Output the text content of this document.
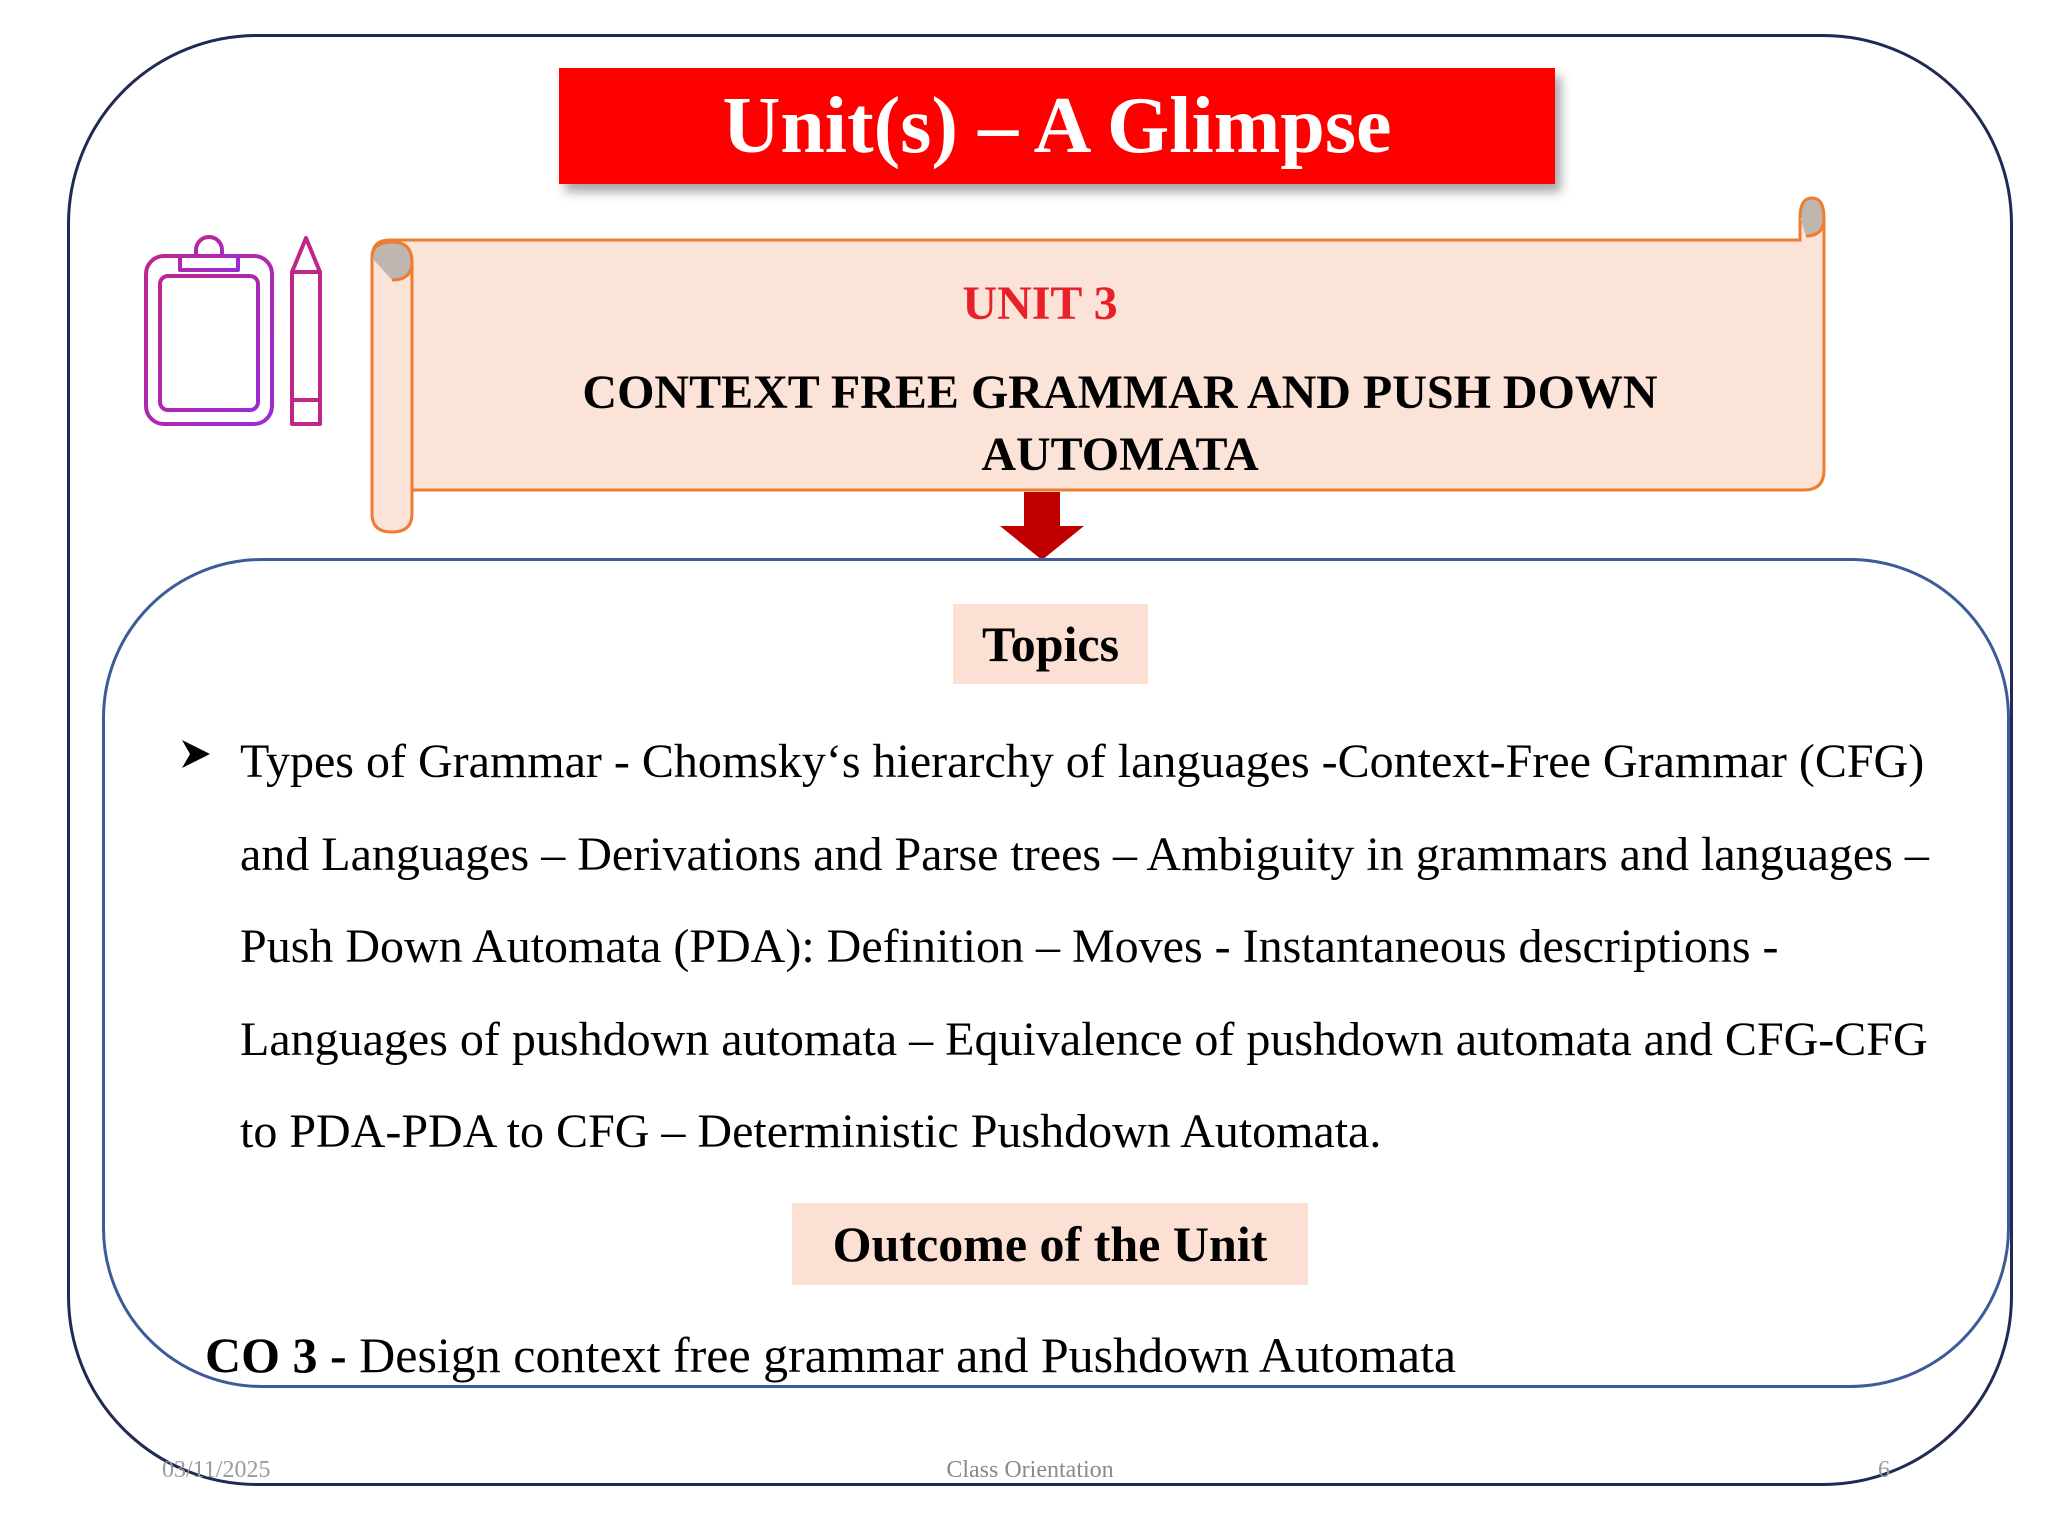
Unit(s) – A Glimpse
UNIT 3
CONTEXT FREE GRAMMAR AND PUSH DOWN AUTOMATA
Topics

Types of Grammar - Chomsky‘s hierarchy of languages -Context-Free Grammar (CFG) and Languages – Derivations and Parse trees – Ambiguity in grammars and languages – Push Down Automata (PDA): Definition – Moves - Instantaneous descriptions -Languages of pushdown automata – Equivalence of pushdown automata and CFG-CFG to PDA-PDA to CFG – Deterministic Pushdown Automata.

Outcome of the Unit
CO 3 - Design context free grammar and Pushdown Automata
03/11/2025	Class Orientation	6
